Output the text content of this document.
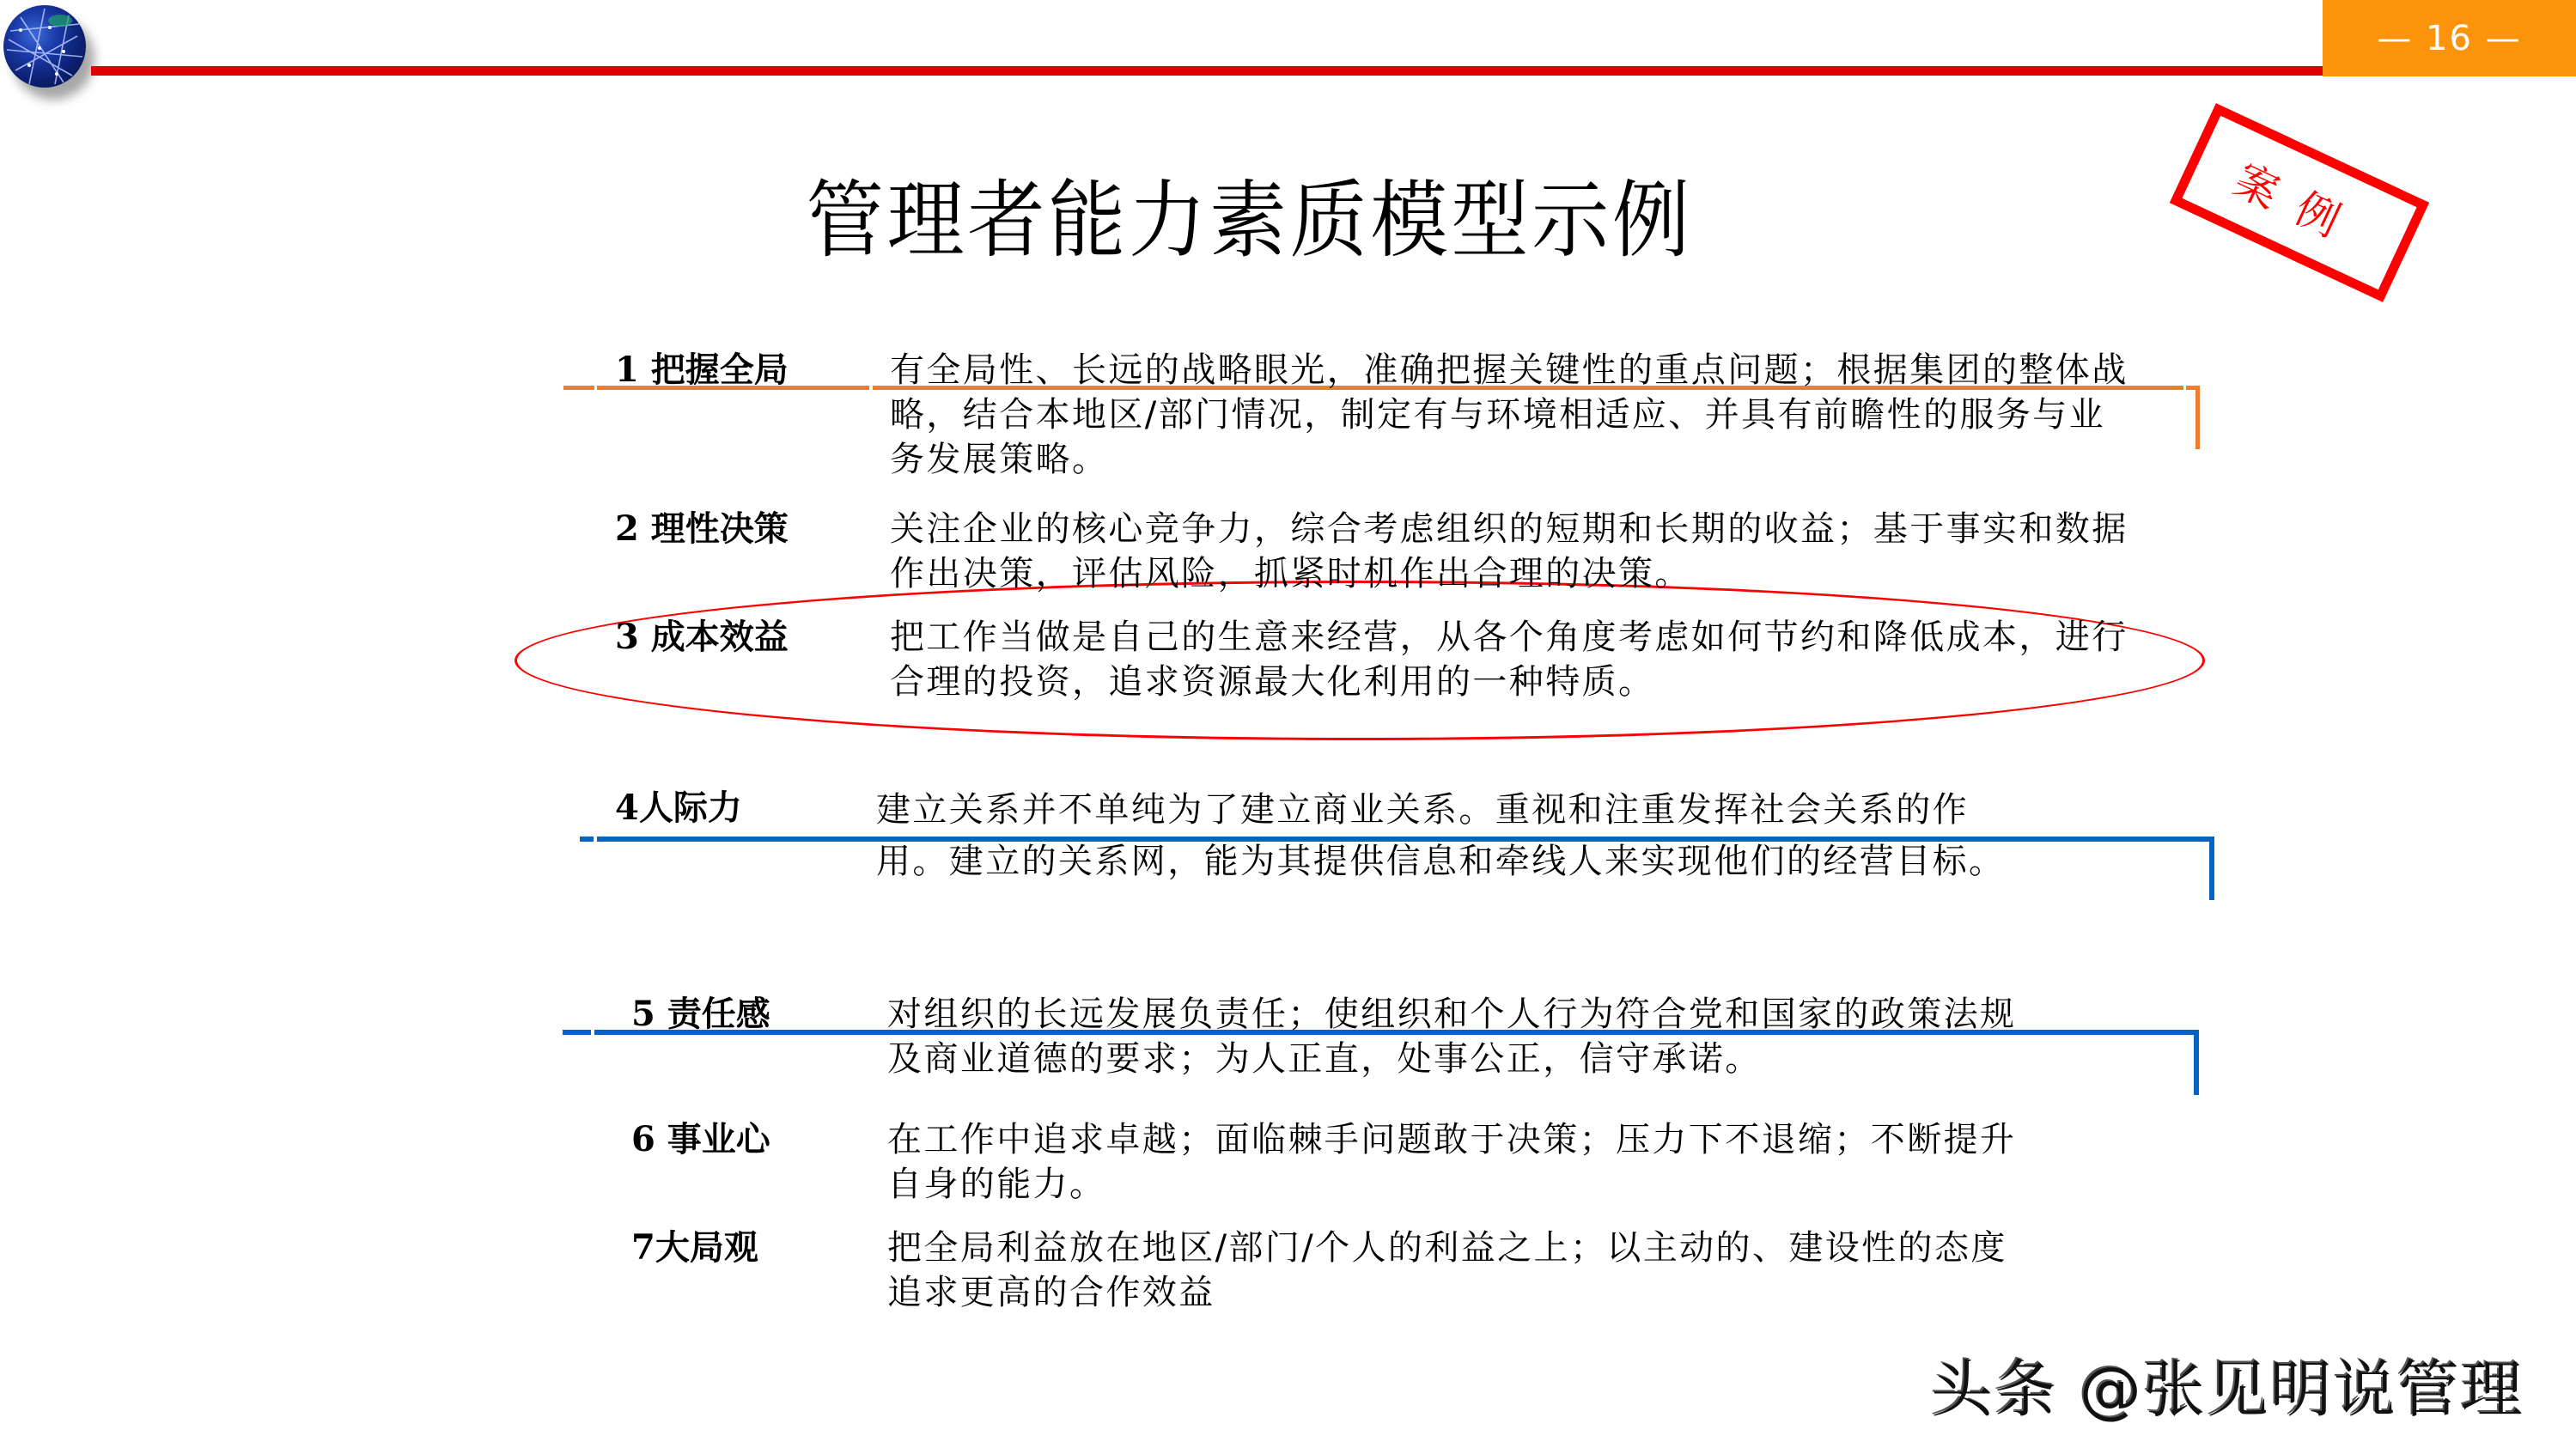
— 16 —
管理者能力素质模型示例	案例
1 把握全局	有全局性、长远的战略眼光，准确把握关键性的重点问题；根据集团的整体战
略，结合本地区/部门情况，制定有与环境相适应、并具有前瞻性的服务与业
务发展策略。
2 理性决策	关注企业的核心竞争力，综合考虑组织的短期和长期的收益；基于事实和数据
作出决策，评估风险，抓紧时机作出合理的决策。
3 成本效益	把工作当做是自己的生意来经营，从各个角度考虑如何节约和降低成本，进行
合理的投资，追求资源最大化利用的一种特质。
4人际力	建立关系并不单纯为了建立商业关系。重视和注重发挥社会关系的作
用。建立的关系网，能为其提供信息和牵线人来实现他们的经营目标。
5 责任感	对组织的长远发展负责任；使组织和个人行为符合党和国家的政策法规
及商业道德的要求；为人正直，处事公正，信守承诺。
6 事业心	在工作中追求卓越；面临棘手问题敢于决策；压力下不退缩；不断提升
自身的能力。
7大局观	把全局利益放在地区/部门/个人的利益之上；以主动的、建设性的态度
追求更高的合作效益
头条 @张见明说管理
